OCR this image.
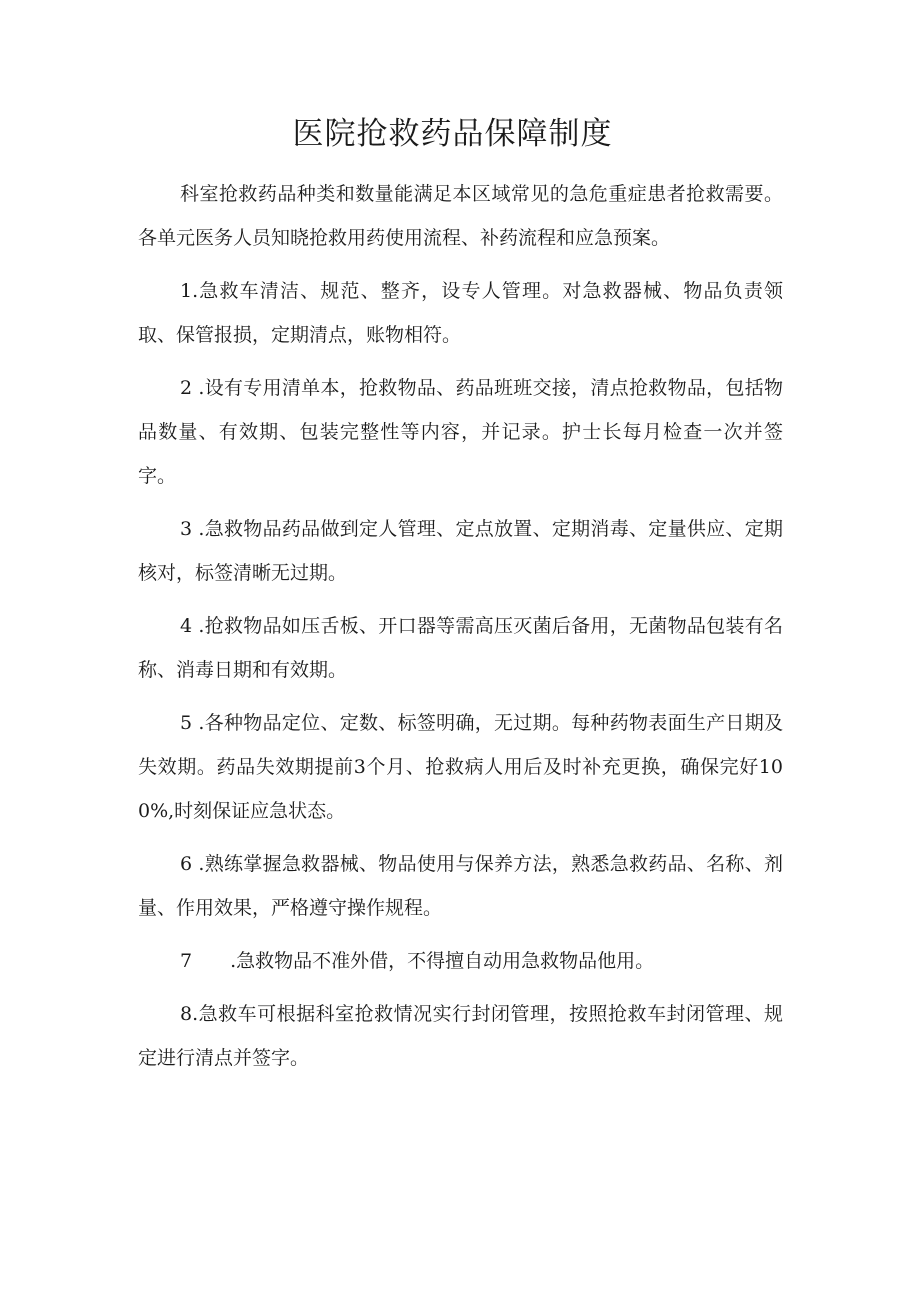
医院抢救药品保障制度

科室抢救药品种类和数量能满足本区域常见的急危重症患者抢救需要。各单元医务人员知晓抢救用药使用流程、补药流程和应急预案。

1.急救车清洁、规范、整齐，设专人管理。对急救器械、物品负责领取、保管报损，定期清点，账物相符。

2 .设有专用清单本，抢救物品、药品班班交接，清点抢救物品，包括物品数量、有效期、包装完整性等内容，并记录。护士长每月检查一次并签字。

3 .急救物品药品做到定人管理、定点放置、定期消毒、定量供应、定期核对，标签清晰无过期。

4 .抢救物品如压舌板、开口器等需高压灭菌后备用，无菌物品包装有名称、消毒日期和有效期。

5 .各种物品定位、定数、标签明确，无过期。每种药物表面生产日期及失效期。药品失效期提前3个月、抢救病人用后及时补充更换，确保完好100%,时刻保证应急状态。

6 .熟练掌握急救器械、物品使用与保养方法，熟悉急救药品、名称、剂量、作用效果，严格遵守操作规程。

7　　.急救物品不准外借，不得擅自动用急救物品他用。

8.急救车可根据科室抢救情况实行封闭管理，按照抢救车封闭管理、规定进行清点并签字。
